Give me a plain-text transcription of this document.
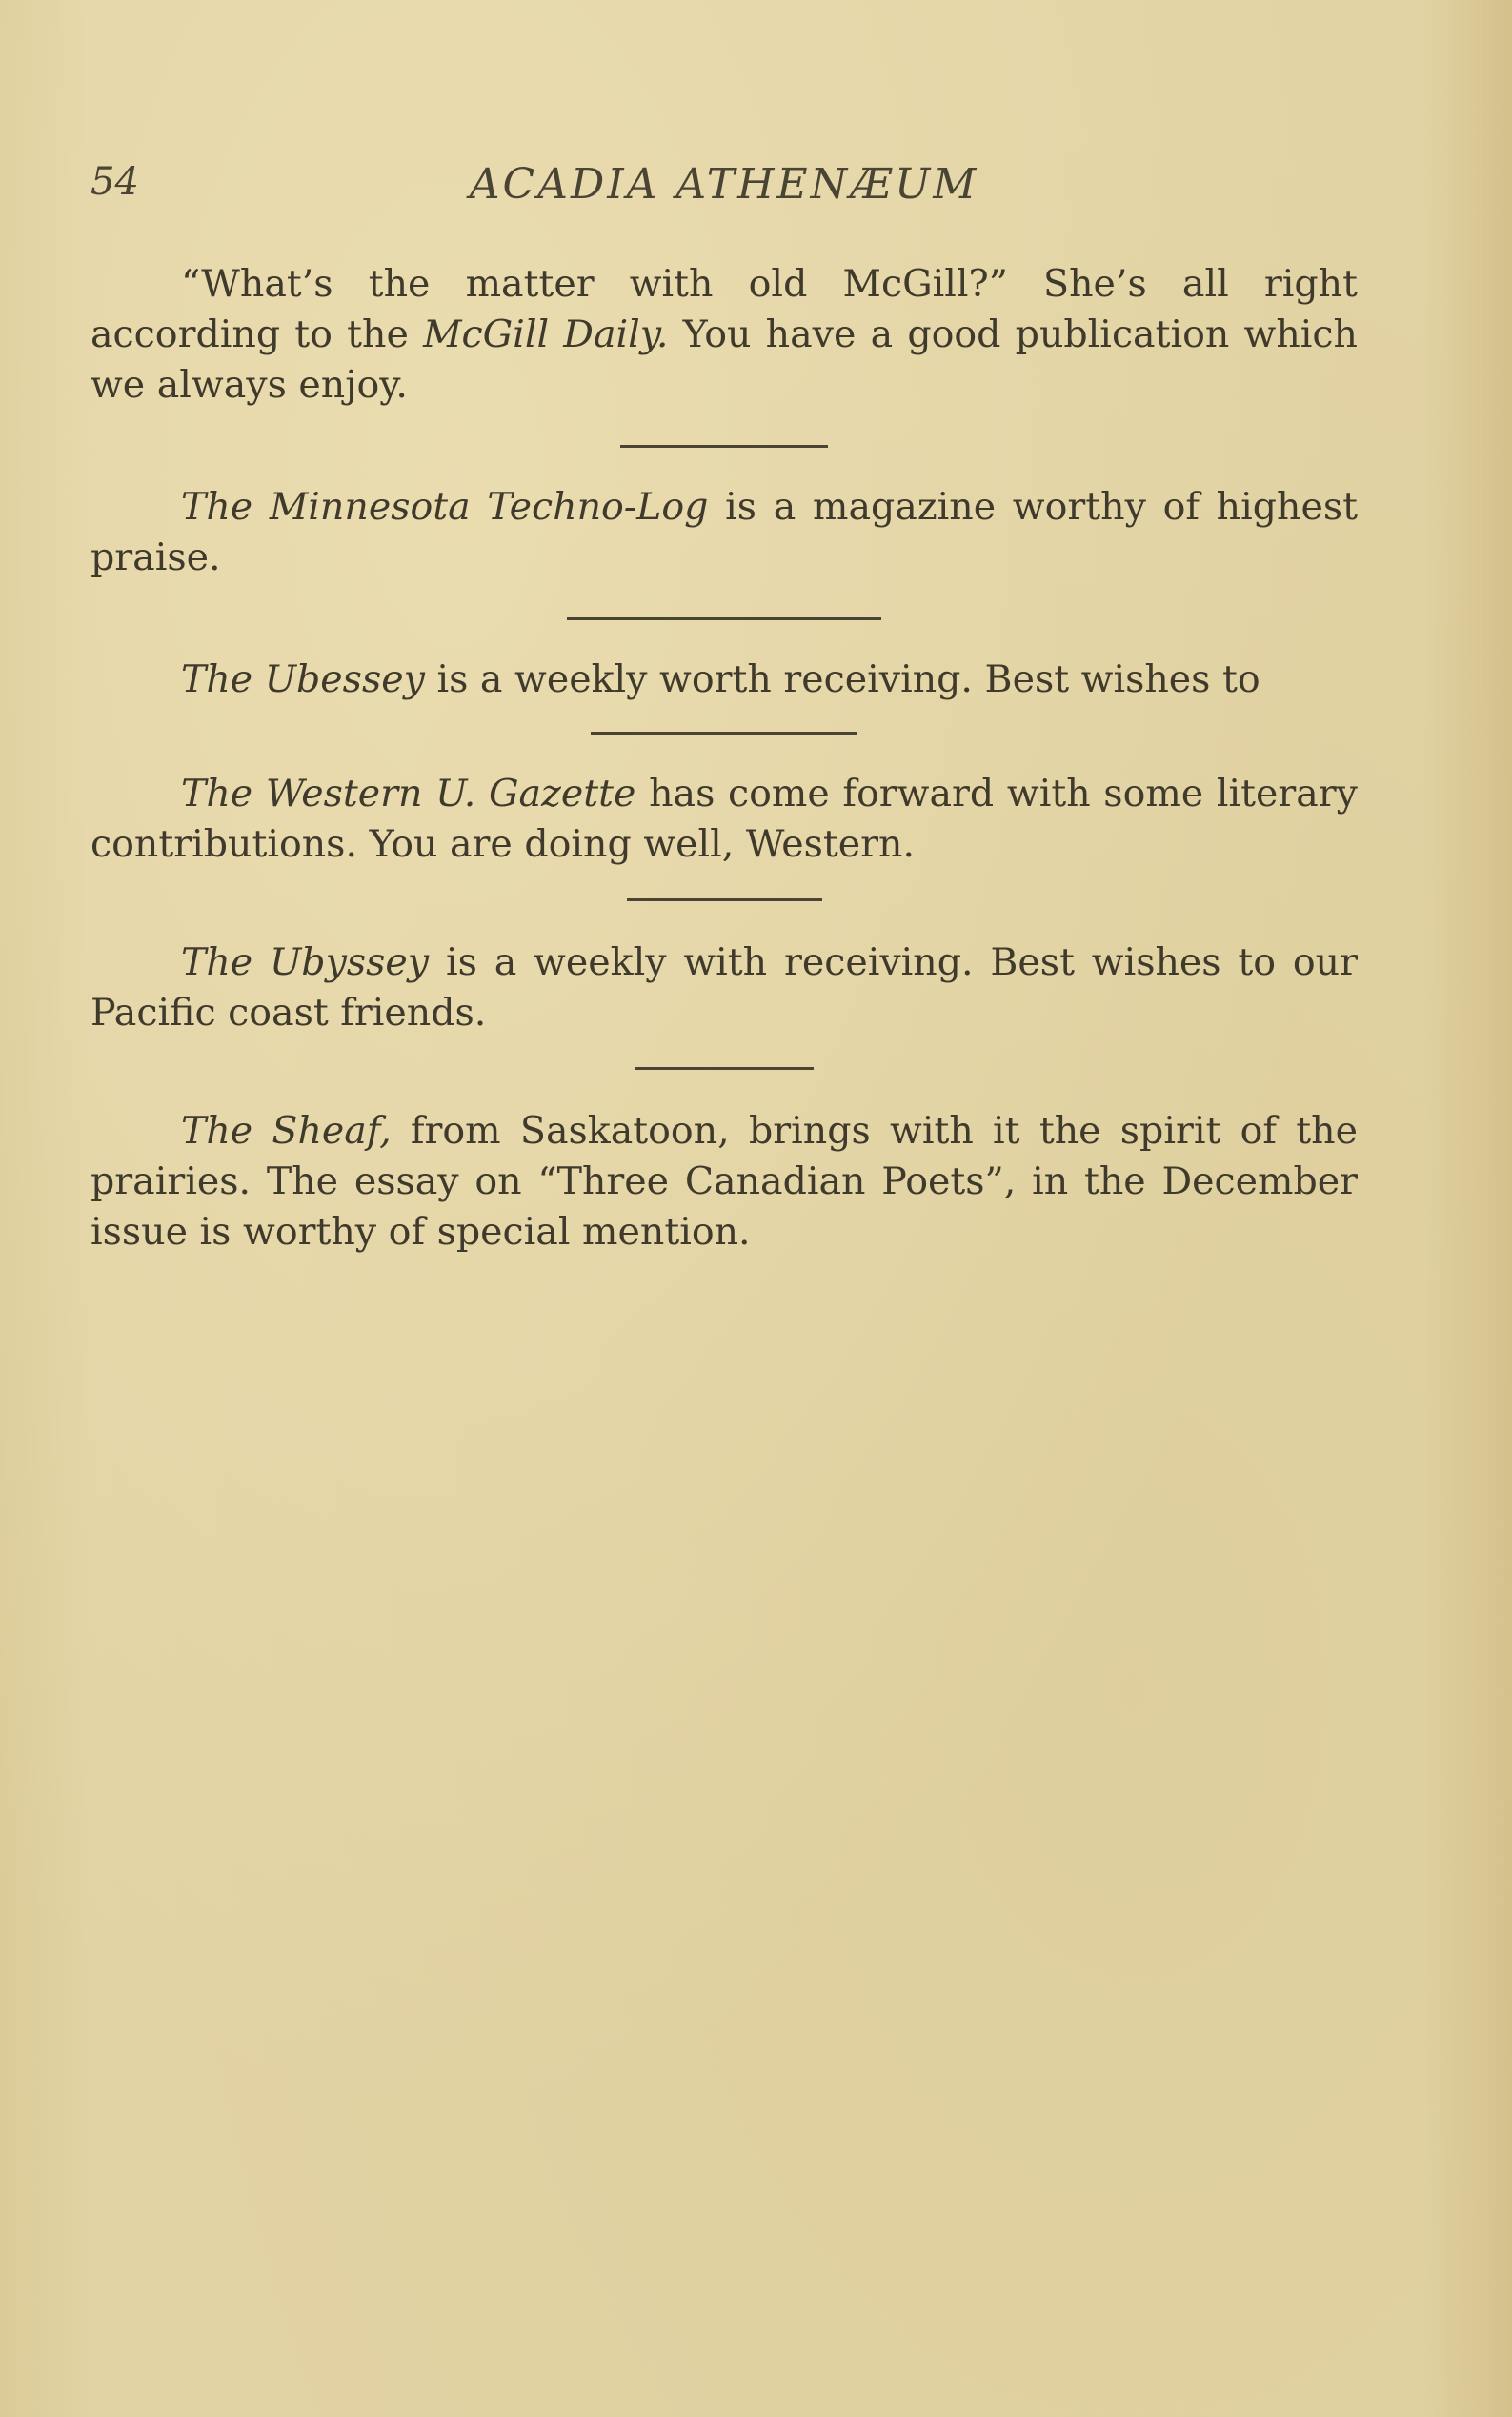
54	ACADIA ATHENÆUM

“What’s the matter with old McGill?” She’s all right according to the McGill Daily. You have a good publication which we always enjoy.

The Minnesota Techno-Log is a magazine worthy of highest praise.

The Ubessey is a weekly worth receiving. Best wishes to

The Western U. Gazette has come forward with some literary contributions. You are doing well, Western.

The Ubyssey is a weekly with receiving. Best wishes to our Pacific coast friends.

The Sheaf, from Saskatoon, brings with it the spirit of the prairies. The essay on “Three Canadian Poets”, in the December issue is worthy of special mention.
